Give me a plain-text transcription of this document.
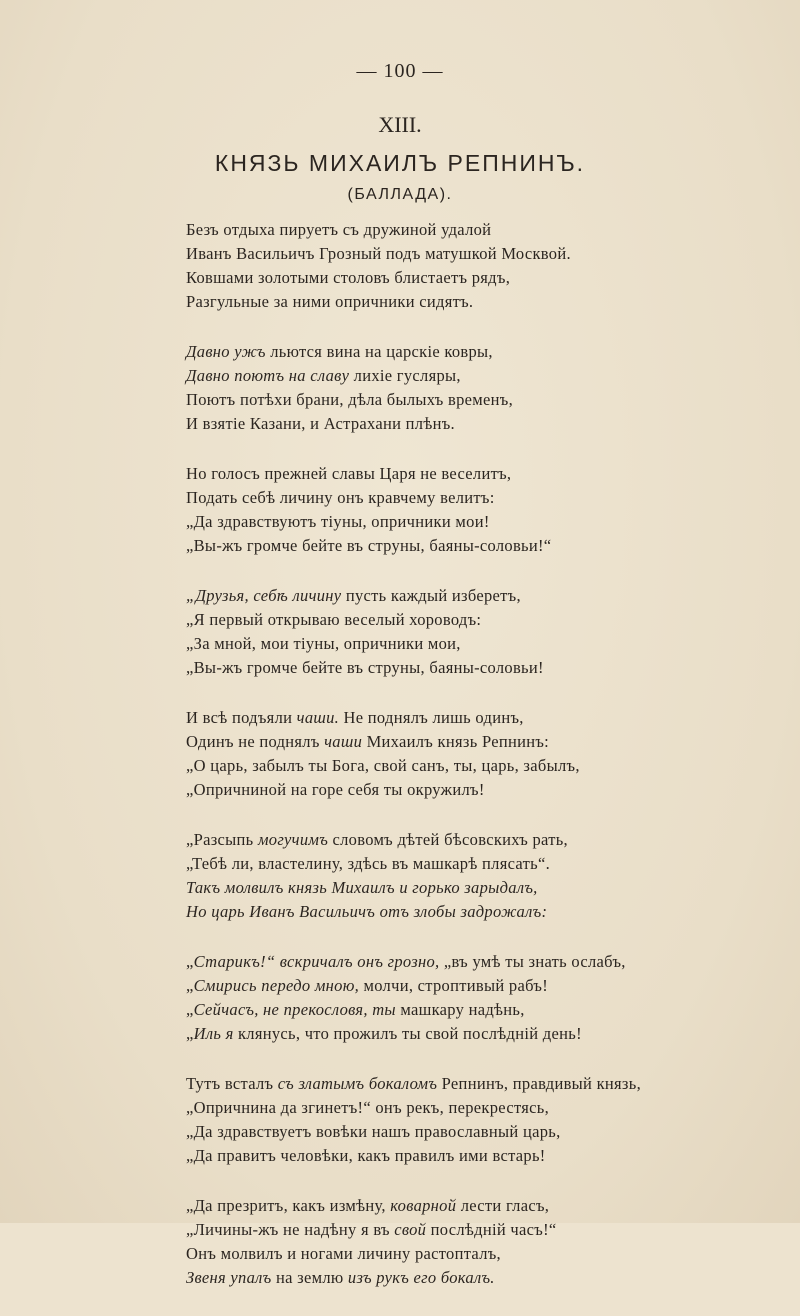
— 100 —
XIII.
КНЯЗЬ МИХАИЛЪ РЕПНИНЪ.
(БАЛЛАДА).
Безъ отдыха пируетъ съ дружиной удалой
Иванъ Васильичъ Грозный подъ матушкой Москвой.
Ковшами золотыми столовъ блистаетъ рядъ,
Разгульные за ними опричники сидятъ.
Давно ужъ льются вина на царскіе ковры,
Давно поютъ на славу лихіе гусляры,
Поютъ потѣхи брани, дѣла былыхъ временъ,
И взятіе Казани, и Астрахани плѣнъ.
Но голосъ прежней славы Царя не веселитъ,
Подать себѣ личину онъ кравчему велитъ:
„Да здравствуютъ тіуны, опричники мои!
„Вы-жъ громче бейте въ струны, баяны-соловьи!“
„Друзья, себѣ личину пусть каждый изберетъ,
„Я первый открываю веселый хороводъ:
„За мной, мои тіуны, опричники мои,
„Вы-жъ громче бейте въ струны, баяны-соловьи!
И всѣ подъяли чаши. Не поднялъ лишь одинъ,
Одинъ не поднялъ чаши Михаилъ князь Репнинъ:
„О царь, забылъ ты Бога, свой санъ, ты, царь, забылъ,
„Опричниной на горе себя ты окружилъ!
„Разсыпь могучимъ словомъ дѣтей бѣсовскихъ рать,
„Тебѣ ли, властелину, здѣсь въ машкарѣ плясать“.
Такъ молвилъ князь Михаилъ и горько зарыдалъ,
Но царь Иванъ Васильичъ отъ злобы задрожалъ:
„Старикъ!“ вскричалъ онъ грозно, „въ умѣ ты знать ослабъ,
„Смирись передо мною, молчи, строптивый рабъ!
„Сейчасъ, не прекословя, ты машкару надѣнь,
„Иль я клянусь, что прожилъ ты свой послѣдній день!
Тутъ всталъ съ златымъ бокаломъ Репнинъ, правдивый князь,
„Опричнина да згинетъ!“ онъ рекъ, перекрестясь,
„Да здравствуетъ вовѣки нашъ православный царь,
„Да правитъ человѣки, какъ правилъ ими встарь!
„Да презритъ, какъ измѣну, коварной лести гласъ,
„Личины-жъ не надѣну я въ свой послѣдній часъ!“
Онъ молвилъ и ногами личину растопталъ,
Звеня упалъ на землю изъ рукъ его бокалъ.
